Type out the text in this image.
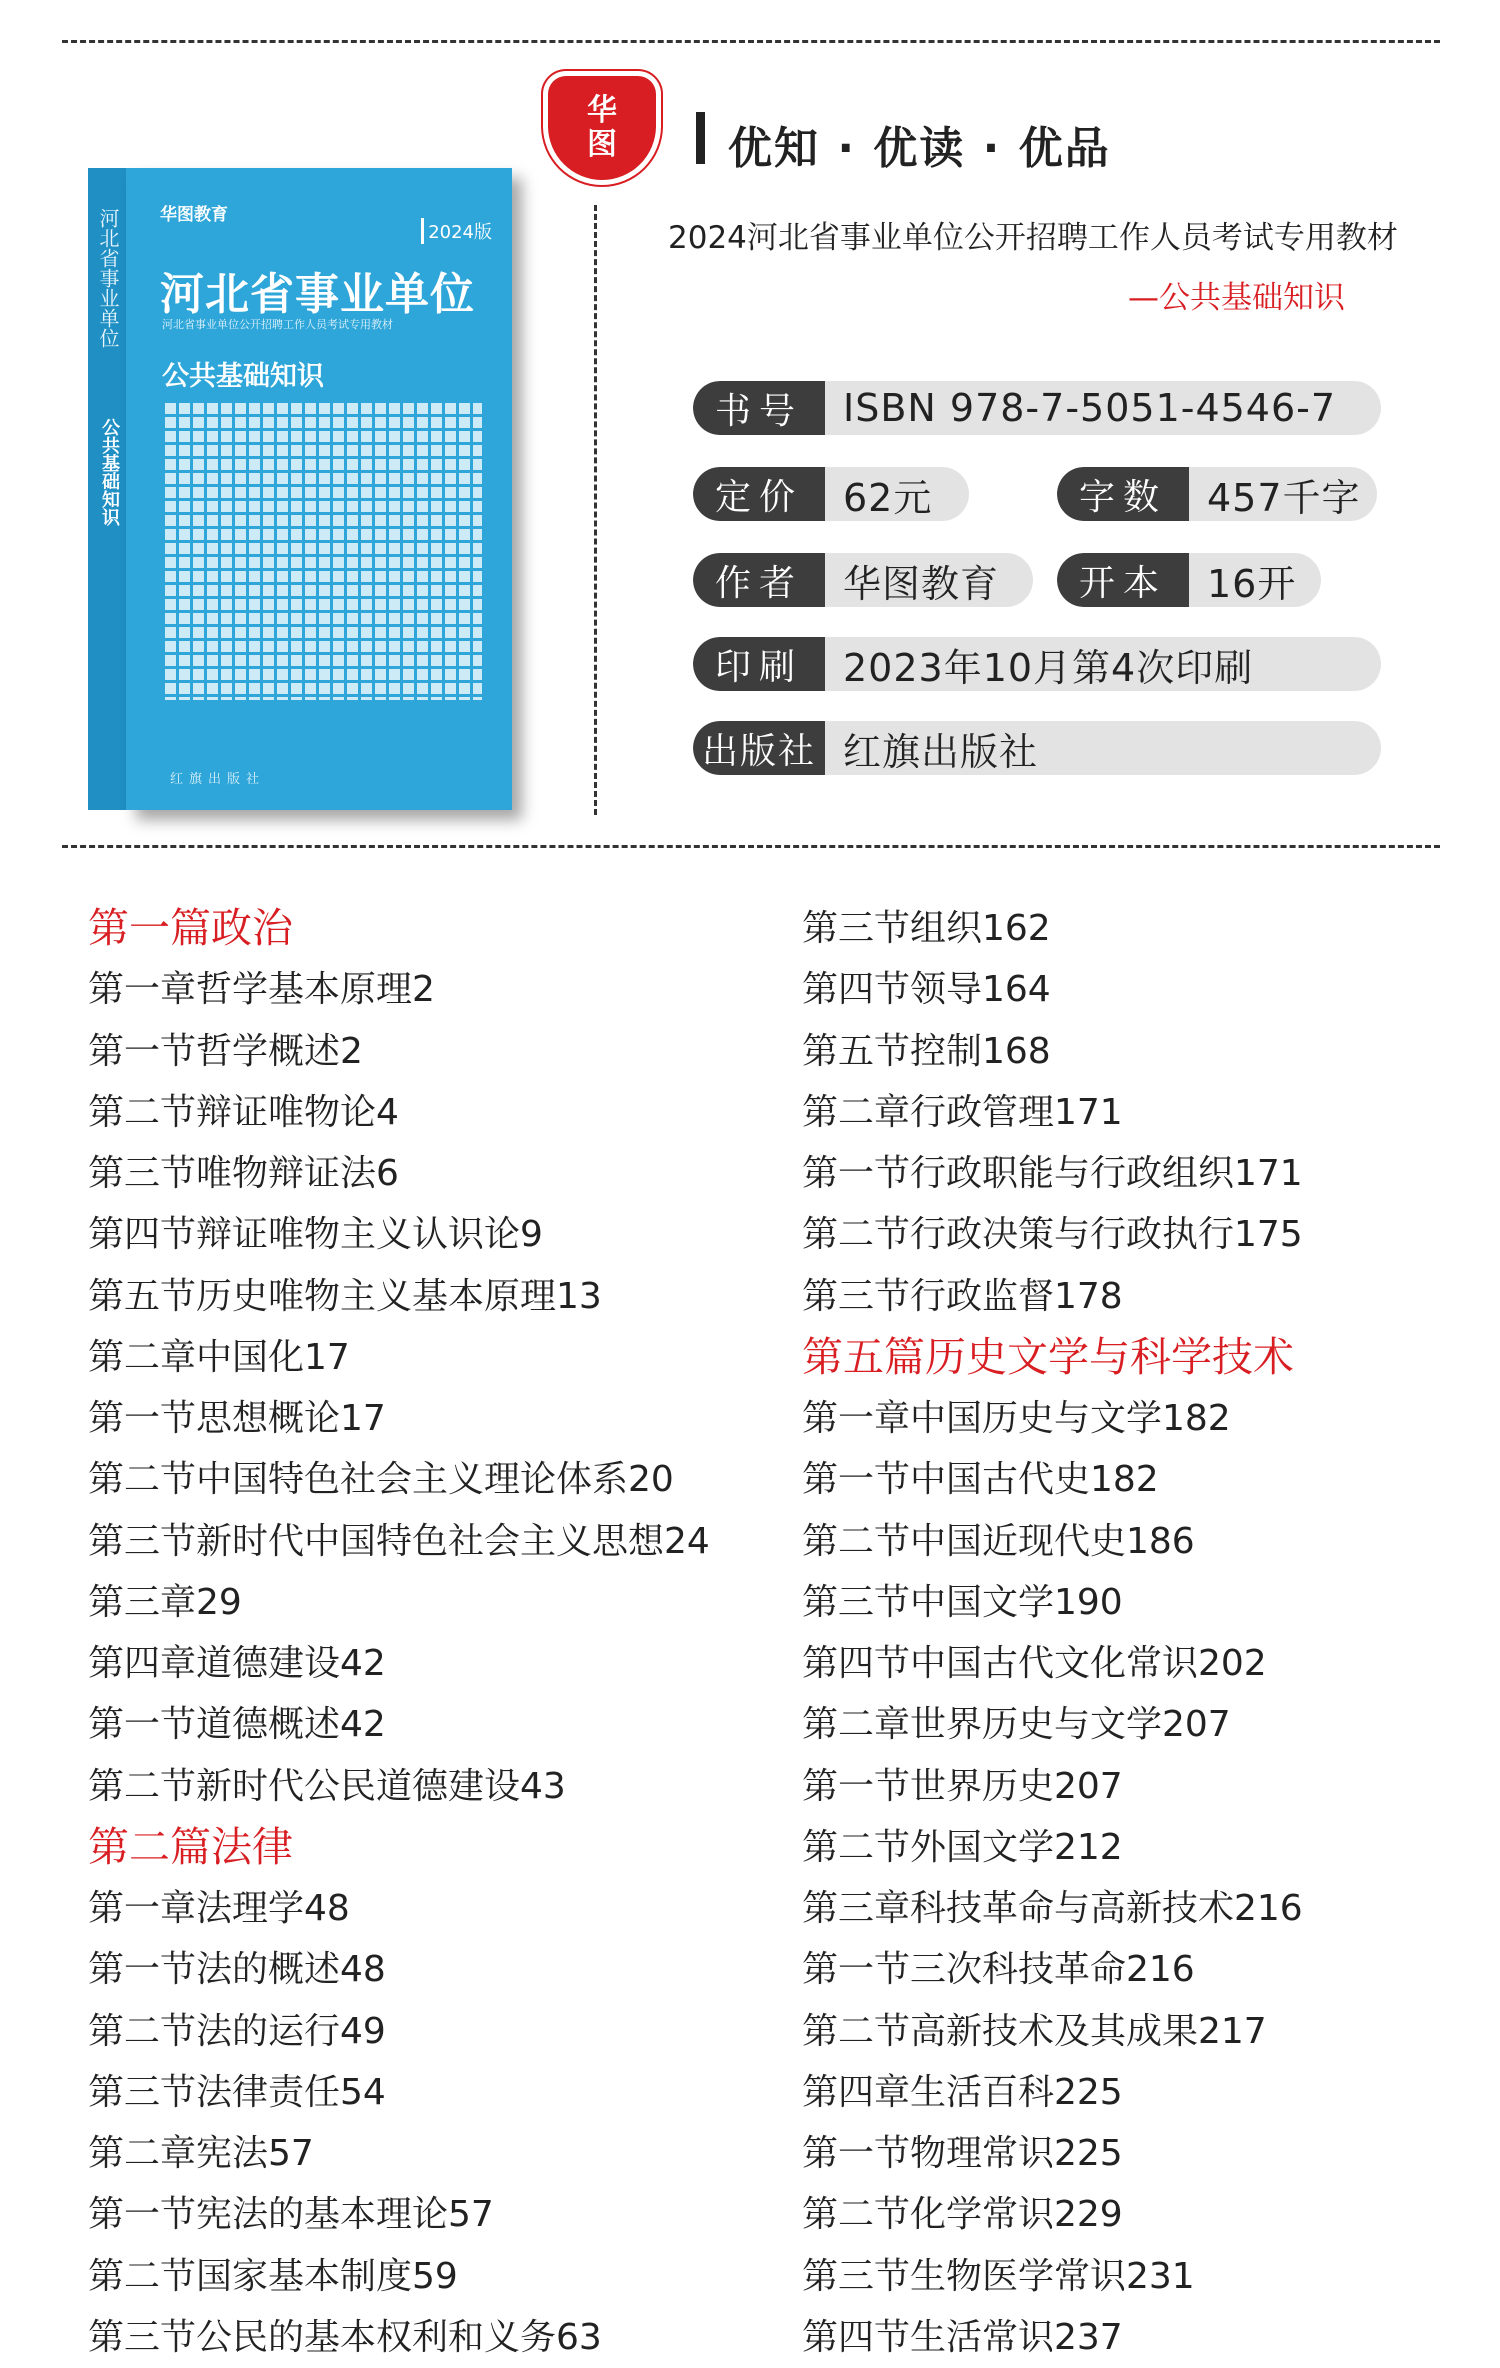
河北省事业单位
公共基础知识
华图教育
2024版
河北省事业单位
河北省事业单位公开招聘工作人员考试专用教材
公共基础知识
红旗出版社
华
图	优知 · 优读 · 优品
2024河北省事业单位公开招聘工作人员考试专用教材
—公共基础知识
书号	ISBN 978-7-5051-4546-7
定价	62元	字数	457千字
作者	华图教育	开本	16开
印刷	2023年10月第4次印刷
出版社 红旗出版社
第一篇政治
第一章哲学基本原理2
第一节哲学概述2
第二节辩证唯物论4
第三节唯物辩证法6
第四节辩证唯物主义认识论9
第五节历史唯物主义基本原理13
第二章中国化17
第一节思想概论17
第二节中国特色社会主义理论体系20
第三节新时代中国特色社会主义思想24
第三章29
第四章道德建设42
第一节道德概述42
第二节新时代公民道德建设43
第二篇法律
第一章法理学48
第一节法的概述48
第二节法的运行49
第三节法律责任54
第二章宪法57
第一节宪法的基本理论57
第二节国家基本制度59
第三节公民的基本权利和义务63
第三节组织162
第四节领导164
第五节控制168
第二章行政管理171
第一节行政职能与行政组织171
第二节行政决策与行政执行175
第三节行政监督178
第五篇历史文学与科学技术
第一章中国历史与文学182
第一节中国古代史182
第二节中国近现代史186
第三节中国文学190
第四节中国古代文化常识202
第二章世界历史与文学207
第一节世界历史207
第二节外国文学212
第三章科技革命与高新技术216
第一节三次科技革命216
第二节高新技术及其成果217
第四章生活百科225
第一节物理常识225
第二节化学常识229
第三节生物医学常识231
第四节生活常识237
